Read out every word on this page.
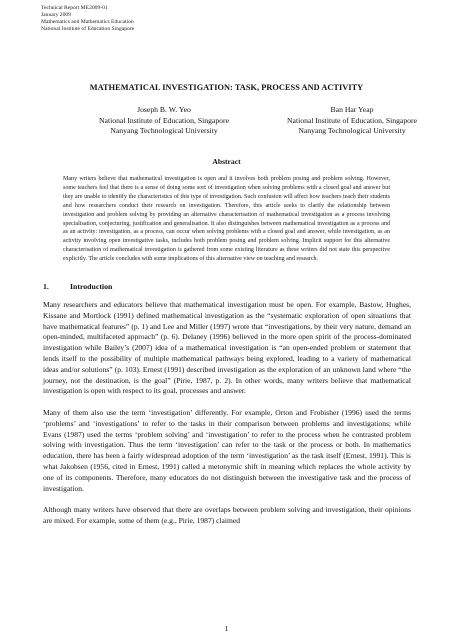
Technical Report ME2009-01
January 2009
Mathematics and Mathematics Education
National Institute of Education Singapore
MATHEMATICAL INVESTIGATION: TASK, PROCESS AND ACTIVITY
Joseph B. W. Yeo
National Institute of Education, Singapore
Nanyang Technological University
Ban Har Yeap
National Institute of Education, Singapore
Nanyang Technological University
Abstract
Many writers believe that mathematical investigation is open and it involves both problem posing and problem solving. However, some teachers feel that there is a sense of doing some sort of investigation when solving problems with a closed goal and answer but they are unable to identify the characteristics of this type of investigation. Such confusion will affect how teachers teach their students and how researchers conduct their research on investigation. Therefore, this article seeks to clarify the relationship between investigation and problem solving by providing an alternative characterisation of mathematical investigation as a process involving specialisation, conjecturing, justification and generalisation. It also distinguishes between mathematical investigation as a process and as an activity: investigation, as a process, can occur when solving problems with a closed goal and answer, while investigation, as an activity involving open investigative tasks, includes both problem posing and problem solving. Implicit support for this alternative characterisation of mathematical investigation is gathered from some existing literature as these writers did not state this perspective explicitly. The article concludes with some implications of this alternative view on teaching and research.
1.	Introduction

Many researchers and educators believe that mathematical investigation must be open. For example, Bastow, Hughes, Kissane and Mortlock (1991) defined mathematical investigation as the “systematic exploration of open situations that have mathematical features” (p. 1) and Lee and Miller (1997) wrote that “investigations, by their very nature, demand an open-minded, multifaceted approach” (p. 6). Delaney (1996) believed in the more open spirit of the process-dominated investigation while Bailey’s (2007) idea of a mathematical investigation is “an open-ended problem or statement that lends itself to the possibility of multiple mathematical pathways being explored, leading to a variety of mathematical ideas and/or solutions” (p. 103). Ernest (1991) described investigation as the exploration of an unknown land where “the journey, not the destination, is the goal” (Pirie, 1987, p. 2). In other words, many writers believe that mathematical investigation is open with respect to its goal, processes and answer.

Many of them also use the term ‘investigation’ differently. For example, Orton and Frobisher (1996) used the terms ‘problems’ and ‘investigations’ to refer to the tasks in their comparison between problems and investigations; while Evans (1987) used the terms ‘problem solving’ and ‘investigation’ to refer to the process when he contrasted problem solving with investigation. Thus the term ‘investigation’ can refer to the task or the process or both. In mathematics education, there has been a fairly widespread adoption of the term ‘investigation’ as the task itself (Ernest, 1991). This is what Jakobsen (1956, cited in Ernest, 1991) called a metonymic shift in meaning which replaces the whole activity by one of its components. Therefore, many educators do not distinguish between the investigative task and the process of investigation.

Although many writers have observed that there are overlaps between problem solving and investigation, their opinions are mixed. For example, some of them (e.g., Pirie, 1987) claimed

1
